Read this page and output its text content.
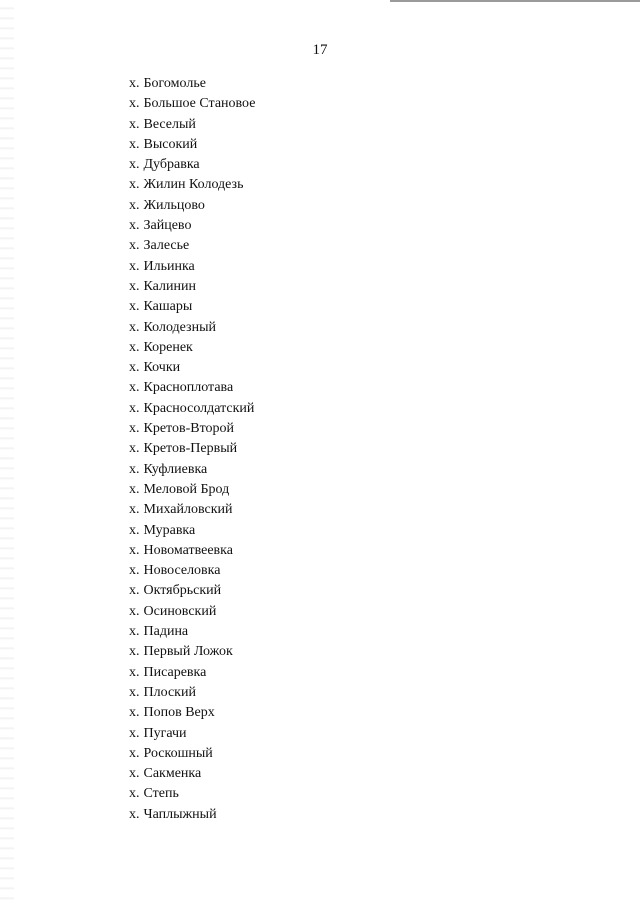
17
х. Богомолье
х. Большое Становое
х. Веселый
х. Высокий
х. Дубравка
х. Жилин Колодезь
х. Жильцово
х. Зайцево
х. Залесье
х. Ильинка
х. Калинин
х. Кашары
х. Колодезный
х. Коренек
х. Кочки
х. Красноплотава
х. Красносолдатский
х. Кретов-Второй
х. Кретов-Первый
х. Куфлиевка
х. Меловой Брод
х. Михайловский
х. Муравка
х. Новоматвеевка
х. Новоселовка
х. Октябрьский
х. Осиновский
х. Падина
х. Первый Ложок
х. Писаревка
х. Плоский
х. Попов Верх
х. Пугачи
х. Роскошный
х. Сакменка
х. Степь
х. Чаплыжный
